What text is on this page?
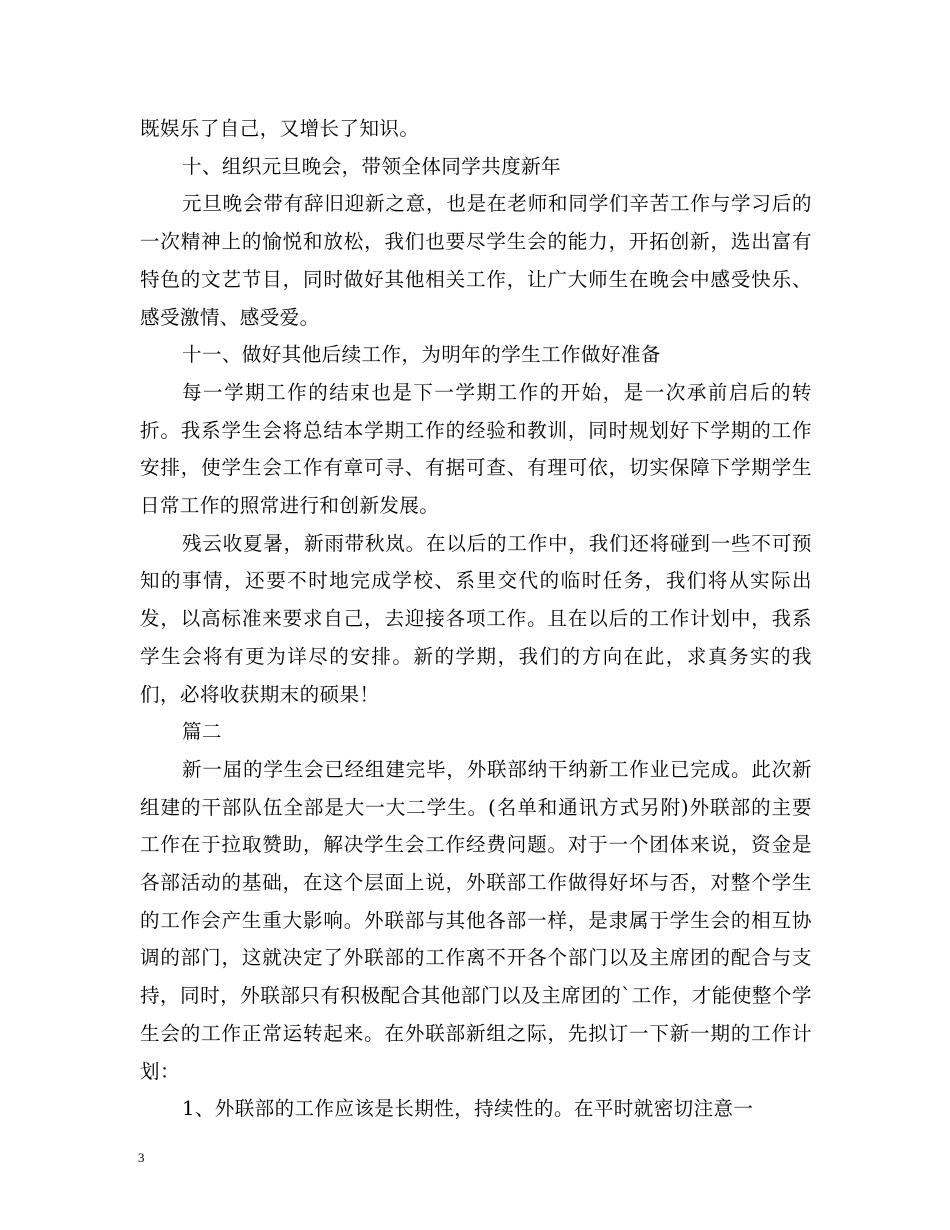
既娱乐了自己，又增长了知识。

十、组织元旦晚会，带领全体同学共度新年

元旦晚会带有辞旧迎新之意，也是在老师和同学们辛苦工作与学习后的一次精神上的愉悦和放松，我们也要尽学生会的能力，开拓创新，选出富有特色的文艺节目，同时做好其他相关工作，让广大师生在晚会中感受快乐、感受激情、感受爱。

十一、做好其他后续工作，为明年的学生工作做好准备

每一学期工作的结束也是下一学期工作的开始，是一次承前启后的转折。我系学生会将总结本学期工作的经验和教训，同时规划好下学期的工作安排，使学生会工作有章可寻、有据可查、有理可依，切实保障下学期学生日常工作的照常进行和创新发展。

残云收夏暑，新雨带秋岚。在以后的工作中，我们还将碰到一些不可预知的事情，还要不时地完成学校、系里交代的临时任务，我们将从实际出发，以高标准来要求自己，去迎接各项工作。且在以后的工作计划中，我系学生会将有更为详尽的安排。新的学期，我们的方向在此，求真务实的我们，必将收获期末的硕果！

篇二

新一届的学生会已经组建完毕，外联部纳干纳新工作业已完成。此次新组建的干部队伍全部是大一大二学生。(名单和通讯方式另附)外联部的主要工作在于拉取赞助，解决学生会工作经费问题。对于一个团体来说，资金是各部活动的基础，在这个层面上说，外联部工作做得好坏与否，对整个学生的工作会产生重大影响。外联部与其他各部一样，是隶属于学生会的相互协调的部门，这就决定了外联部的工作离不开各个部门以及主席团的配合与支持，同时，外联部只有积极配合其他部门以及主席团的`工作，才能使整个学生会的工作正常运转起来。在外联部新组之际，先拟订一下新一期的工作计划：

1、外联部的工作应该是长期性，持续性的。在平时就密切注意一

3
